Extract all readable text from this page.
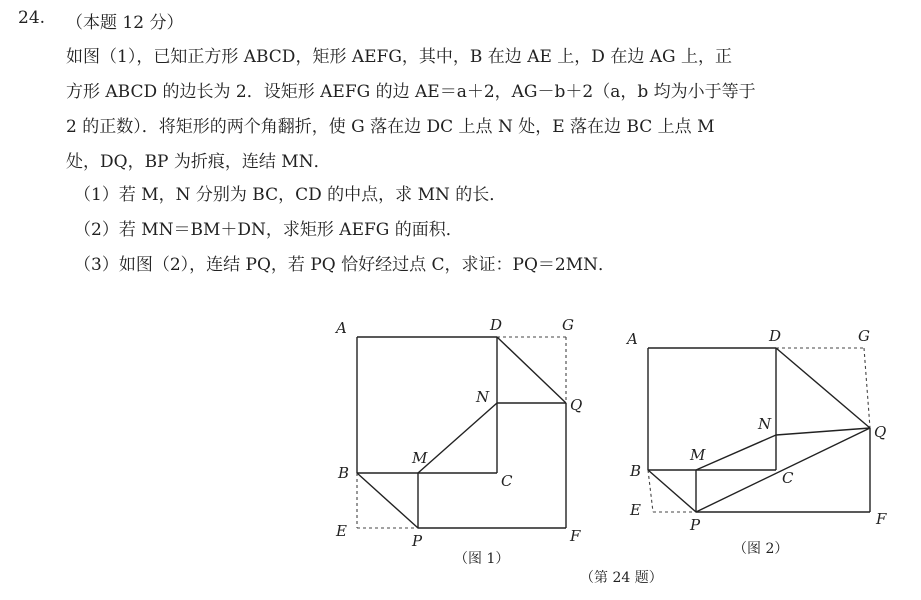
24. （本题 12 分）

如图（1），已知正方形 ABCD，矩形 AEFG，其中，B 在边 AE 上，D 在边 AG 上，正

方形 ABCD 的边长为 2．设矩形 AEFG 的边 AE＝a＋2，AG－b＋2（a，b 均为小于等于

2 的正数）．将矩形的两个角翻折，使 G 落在边 DC 上点 N 处，E 落在边 BC 上点 M

处，DQ，BP 为折痕，连结 MN．

（1）若 M，N 分别为 BC，CD 的中点，求 MN 的长．
（2）若 MN＝BM＋DN，求矩形 AEFG 的面积．
（3）如图（2），连结 PQ，若 PQ 恰好经过点 C，求证：PQ＝2MN．
A	D	G
N	Q
B
M
C
E
P	F
（图 1）
A	D	G
N	Q
B
M
C
E
P	F
（图 2）
（第 24 题）
